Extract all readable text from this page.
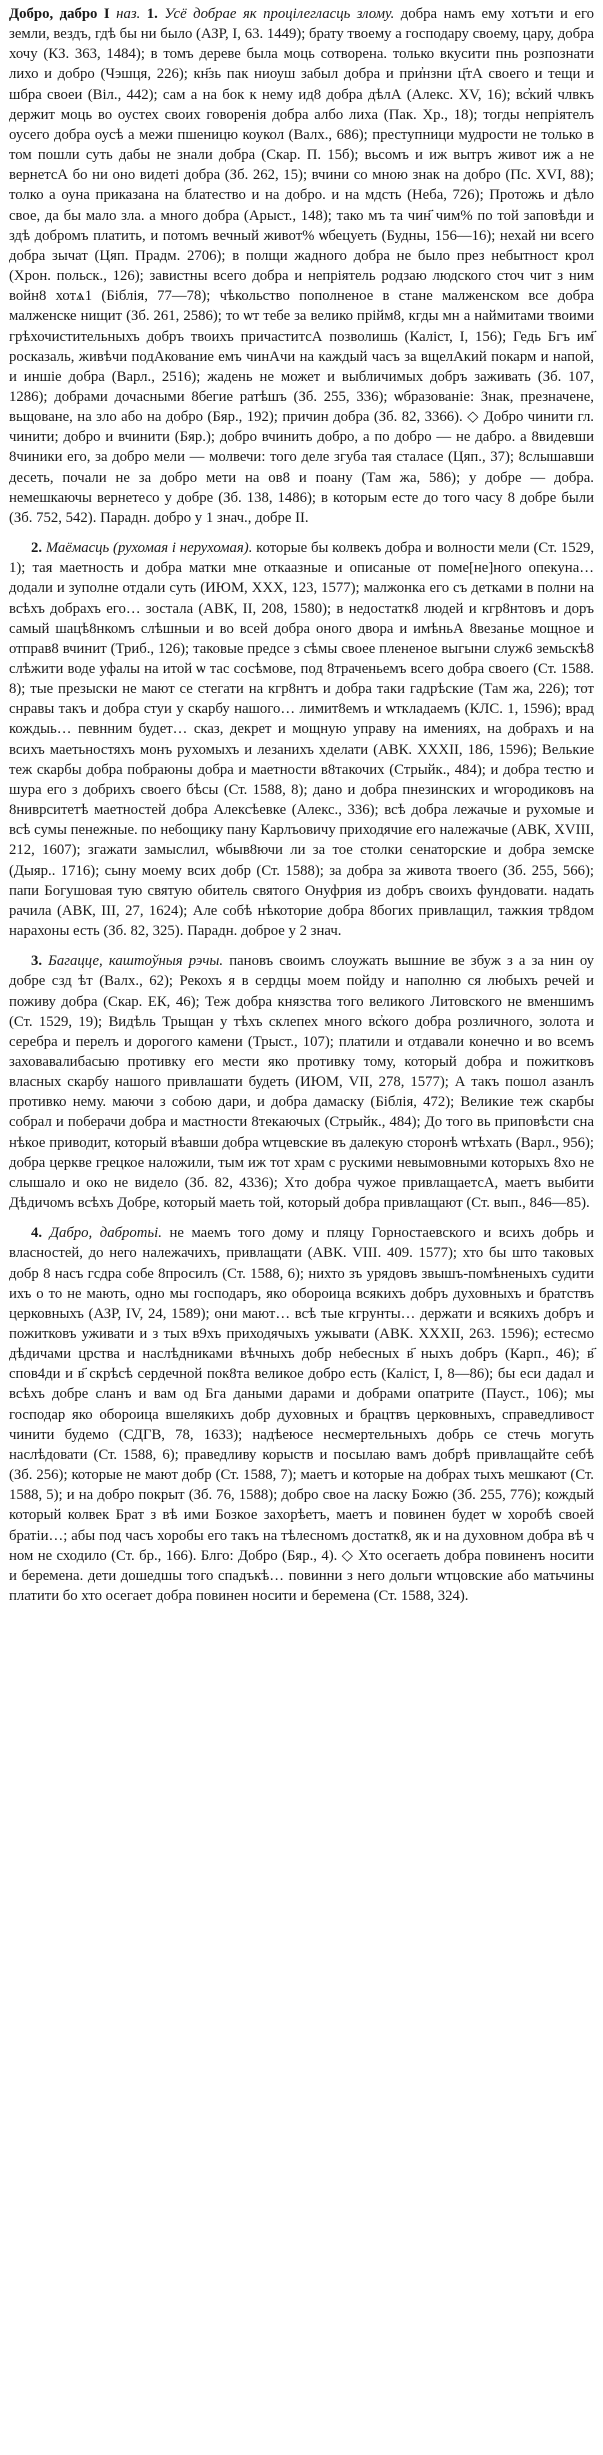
Добро, дабро I наз. 1. Усё добрае як процілегласць злому. добра намъ ему хотъти и его земли, вездъ, гдѣ бы ни было (АЗР, I, 63. 1449); брату твоему а господару своему, цару, добра хочу (КЗ. 363, 1484); в томъ дереве была моць сотворена. только вкусити пнь розпознати лихо и добро (Чэшця, 226); кн҃зь пак ниоуш забыл добра и при҆нзни ц҃тА своего и тещи и шбра своеи (Віл., 442); сам а на бок к нему ид8 добра дѣлА (Алекс. XV, 16); вс҆кий члвкъ держит моць во оустех своих говоренiя добра албо лиха (Пак. Хр., 18); тогды непрiятелъ оусего добра оусѣ а межи пшеницю коукол (Валх., 686); преступници мудрости не только в том пошли суть дабы не знали добра (Скар. П. 15б); вьсомъ и иж вытръ живот иж а не вернетсА бо ни оно видетi добра (Зб. 262, 15); вчини со мною знак на добро (Пс. XVI, 88); толко а оуна приказана на блатество и на добро. и на мдсть (Неба, 726); Протожь и дѣло свое, да бы мало зла. а много добра (Арыст., 148); тако мъ та чин҃ чим% по той заповѣди и здѣ добромъ платить, и потомъ вечный живот% ѡбецуеть (Будны, 156—16); нехай ни всего добра зычат (Цяп. Прадм. 2706); в полщи жадного добра не было през небытност крол (Хрон. польск., 126); завистны всего добра и непрiятель родзаю людского сточ чит з ним войн8 хотѧ1 (Біблія, 77—78); чѣкольство пополненое в стане малженском все добра малженске нищит (Зб. 261, 2586); то ѡт тебе за велико прiйм8, кгды мн а наймитами твоими грѣхочистительныхъ добръ твоихъ причаститсА позволишь (Каліст, I, 156); Гедь Бгъ им҃ росказаль, живѣчи подАкование емъ чинАчи на каждый часъ за вщелАкий покарм и напой, и иншiе добра (Варл., 2516); жадень не может и выбличимых добръ заживать (Зб. 107, 1286); добрами дочасными 8бегие ратѣшъ (Зб. 255, 336); ѡбразованiе: Знак, презначене, вьщоване, на зло або на добро (Бяр., 192); причин добра (Зб. 82, 3366). ◇ Добро чинити гл. чинити; добро и вчинити (Бяр.); добро вчинить добро, а по добро — не дабро. а 8видевши 8чиники его, за добро мели — молвечи: того деле згуба тая сталасе (Цяп., 37); 8слышавши десеть, почали не за добро мети на ов8 и поану (Там жа, 586); у добре — добра. немешкаючы вернетесо у добре (Зб. 138, 1486); в которым есте до того часу 8 добре были (Зб. 752, 542). Парадн. добро у 1 знач., добре II.

2. Маёмасць (рухомая і нерухомая). которые бы колвекъ добра и волности мели (Ст. 1529, 1); тая маетность и добра матки мне откаазные и описаные от поме[не]ного опекуна… додали и зуполне отдали суть (ИЮМ, XXX, 123, 1577); малжонка его съ детками в полни на всѣхъ добрахъ его… зостала (АВК, II, 208, 1580); в недостатк8 людей и кгр8нтовъ и доръ самый шацѣ8нкомъ слѣшныи и во всей добра оного двора и имѣньА 8везанье мощное и отправ8 вчинит (Триб., 126); таковые предсе з сѣмы своее плененое выгыни служ6 земьскѣ8 слѣжити воде уфалы на итой ѡ тас сосѣмове, под 8траченьемъ всего добра своего (Ст. 1588. 8); тые презыски не мают се стегати на кгр8нтъ и добра таки гадрѣские (Там жа, 226); тот снравы такъ и добра стуи у скарбу нашого… лимит8емъ и ѡткладаемъ (КЛС. 1, 1596); врад кождыь… певнним будет… сказ, декрет и мощную управу на имениях, на добрахъ и на всихъ маетьностяхъ монъ рухомыхъ и лезанихъ хделати (АВК. XXXII, 186, 1596); Велькие теж скарбы добра побраюны добра и маетности в8такочих (Стрыйк., 484); и добра тестю и шура его з добрихъ своего бѣсы (Ст. 1588, 8); дано и добра пнезинских и ѡгородиковъ на 8ниврситетѣ маетностей добра Алексѣевке (Алекс., 336); всѣ добра лежачые и рухомые и всѣ сумы пенежные. по небощику пану Карлъовичу приходячие его належачые (АВК, XVIII, 212, 1607); згажати замыслил, ѡбыв8ючи ли за тое столки сенаторские и добра земске (Дыяр.. 1716); сыну моему всих добр (Ст. 1588); за добра за живота твоего (Зб. 255, 566); папи Богушовая тую святую обитель святого Онуфрия из добръ своихъ фундовати. надать рачила (АВК, III, 27, 1624); Але собѣ нѣкоторие добра 8богих привлащил, тажкия тр8дом нарахоны есть (Зб. 82, 325). Парадн. доброе у 2 знач.

3. Багацце, каштоўныя рэчы. пановъ своимъ слоужать вышние ве збуж з а за нин оу добре сзд ѣт (Валх., 62); Рекохъ я в сердцы моем пойду и наполню ся любыхъ речей и поживу добра (Скар. ЕК, 46); Теж добра князства того великого Литовского не вменшимъ (Ст. 1529, 19); Видѣль Трыщан у тѣхъ склепех много вс҆кого добра розличного, золота и серебра и перелъ и дорогого камени (Трыст., 107); платили и отдавали конечно и во всемъ заховавалибасыю противку его мести яко противку тому, который добра и пожитковъ власных скарбу нашого привлашати будеть (ИЮМ, VII, 278, 1577); А такъ пошол азанлъ противко нему. маючи з собою дари, и добра дамаску (Біблія, 472); Великие теж скарбы собрал и поберачи добра и мастности 8текаючых (Стрыйк., 484); До того вь приповѣсти сна нѣкое приводит, который вѣавши добра ѡтцевские въ далекую сторонѣ ѡтѣхать (Варл., 956); добра церкве грецкое наложили, тым иж тот храм с рускими невымовными которыхъ 8хо не слышало и око не видело (Зб. 82, 4336); Хто добра чужое привлащаетсА, маетъ выбити Дѣдичомъ всѣхъ Добре, который маеть той, который добра привлащают (Ст. вып., 846—85).

4. Дабро, дабротьі. не маемъ того дому и пляцу Горностаевского и всихъ добрь и власностей, до него належачихъ, привлащати (АВК. VIII. 409. 1577); хто бы што таковых добр 8 насъ гсдра собе 8просилъ (Ст. 1588, 6); нихто зъ урядовъ звышъ-помѣненыхъ судити ихъ о то не мають, одно мы господаръ, яко обороица всякихъ добръ духовныхъ и братствъ церковныхъ (АЗР, IV, 24, 1589); они мают… всѣ тые кгрунты… держати и всякихъ добръ и пожитковъ уживати и з тых в9хъ приходячыхъ ужывати (АВК. XXXII, 263. 1596); естесмо дѣдичами црства и наслѣдниками вѣчныхъ добр небесных в҃ ныхъ добръ (Карп., 46); в҃ спов4ди и в҃ скрѣсѣ сердечной пок8та великое добро есть (Каліст, I, 8—86); бы еси дадал и всѣхъ добре сланъ и вам од Бга даными дарами и добрами опатрите (Пауст., 106); мы господар яко обороица вшелякихъ добр духовных и брацтвъ церковныхъ, справедливост чинити будемо (СДГВ, 78, 1633); надѣеюсе несмертельныхъ добрь се стечь могуть наслѣдовати (Ст. 1588, 6); праведливу корыств и посылаю вамъ добрѣ привлащайте себѣ (Зб. 256); которые не мают добр (Ст. 1588, 7); маетъ и которые на добрах тыхъ мешкают (Ст. 1588, 5); и на добро покрыт (Зб. 76, 1588); добро свое на ласку Божю (Зб. 255, 776); кождый который колвек Брат з вѣ ими Бозкое захорѣетъ, маетъ и повинен будет ѡ хоробѣ своей братiи…; абы под часъ хоробы его такъ на тѣлесномъ достатк8, як и на духовном добра вѣ ч ном не сходило (Ст. бр., 166). Блго: Добро (Бяр., 4). ◇ Хто осегаеть добра повиненъ носити и беремена. дети дошедшы того спадъкѣ… повинни з него дольги ѡтцовские або матьчины платити бо хто осегает добра повинен носити и беремена (Ст. 1588, 324).
